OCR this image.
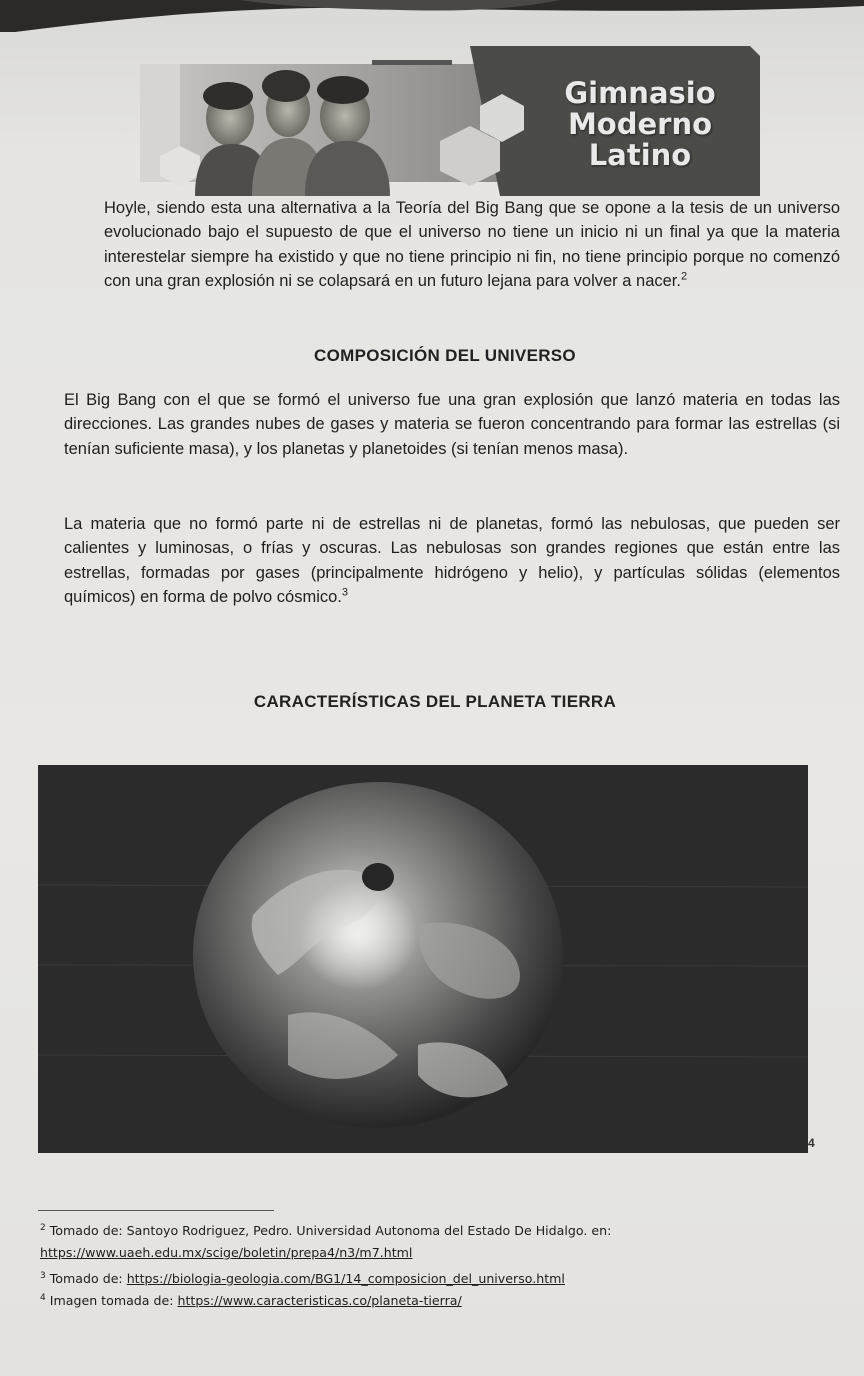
Gimnasio
Moderno
Latino

Hoyle, siendo esta una alternativa a la Teoría del Big Bang que se opone a la tesis de un universo evolucionado bajo el supuesto de que el universo no tiene un inicio ni un final ya que la materia interestelar siempre ha existido y que no tiene principio ni fin, no tiene principio porque no comenzó con una gran explosión ni se colapsará en un futuro lejana para volver a nacer.$^2$

COMPOSICIÓN DEL UNIVERSO

El Big Bang con el que se formó el universo fue una gran explosión que lanzó materia en todas las direcciones. Las grandes nubes de gases y materia se fueron concentrando para formar las estrellas (si tenían suficiente masa), y los planetas y planetoides (si tenían menos masa).

La materia que no formó parte ni de estrellas ni de planetas, formó las nebulosas, que pueden ser calientes y luminosas, o frías y oscuras. Las nebulosas son grandes regiones que están entre las estrellas, formadas por gases (principalmente hidrógeno y helio), y partículas sólidas (elementos químicos) en forma de polvo cósmico.$^3$

CARACTERÍSTICAS DEL PLANETA TIERRA
4
$^2$ Tomado de: Santoyo Rodriguez, Pedro. Universidad Autonoma del Estado De Hidalgo. en:
https://www.uaeh.edu.mx/scige/boletin/prepa4/n3/m7.html
$^3$ Tomado de: https://biologia-geologia.com/BG1/14_composicion_del_universo.html
$^4$ Imagen tomada de: https://www.caracteristicas.co/planeta-tierra/
